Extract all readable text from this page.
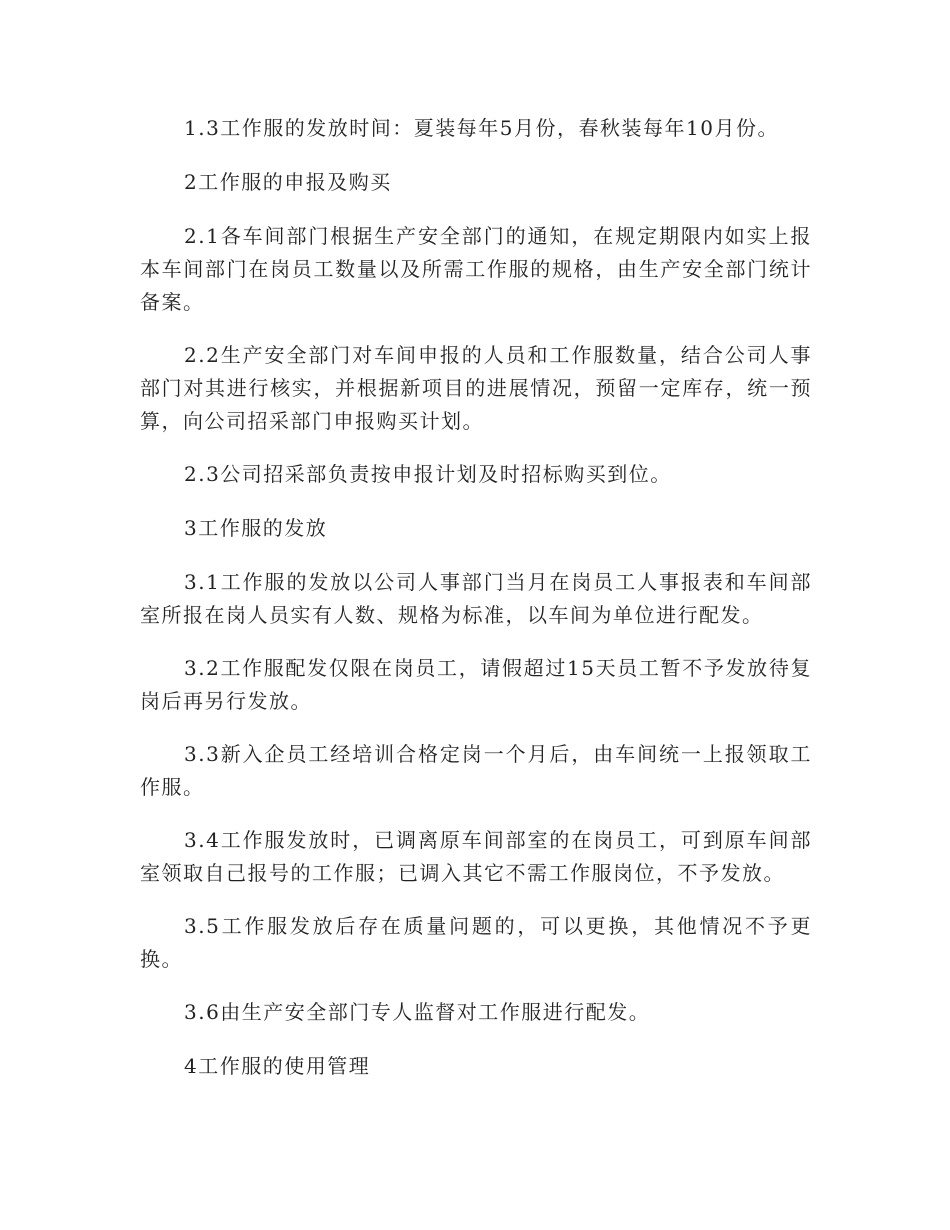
1.3工作服的发放时间：夏装每年5月份，春秋装每年10月份。

2工作服的申报及购买

2.1各车间部门根据生产安全部门的通知，在规定期限内如实上报本车间部门在岗员工数量以及所需工作服的规格，由生产安全部门统计备案。

2.2生产安全部门对车间申报的人员和工作服数量，结合公司人事部门对其进行核实，并根据新项目的进展情况，预留一定库存，统一预算，向公司招采部门申报购买计划。

2.3公司招采部负责按申报计划及时招标购买到位。

3工作服的发放

3.1工作服的发放以公司人事部门当月在岗员工人事报表和车间部室所报在岗人员实有人数、规格为标准，以车间为单位进行配发。

3.2工作服配发仅限在岗员工，请假超过15天员工暂不予发放待复岗后再另行发放。

3.3新入企员工经培训合格定岗一个月后，由车间统一上报领取工作服。

3.4工作服发放时，已调离原车间部室的在岗员工，可到原车间部室领取自己报号的工作服；已调入其它不需工作服岗位，不予发放。

3.5工作服发放后存在质量问题的，可以更换，其他情况不予更换。

3.6由生产安全部门专人监督对工作服进行配发。

4工作服的使用管理
